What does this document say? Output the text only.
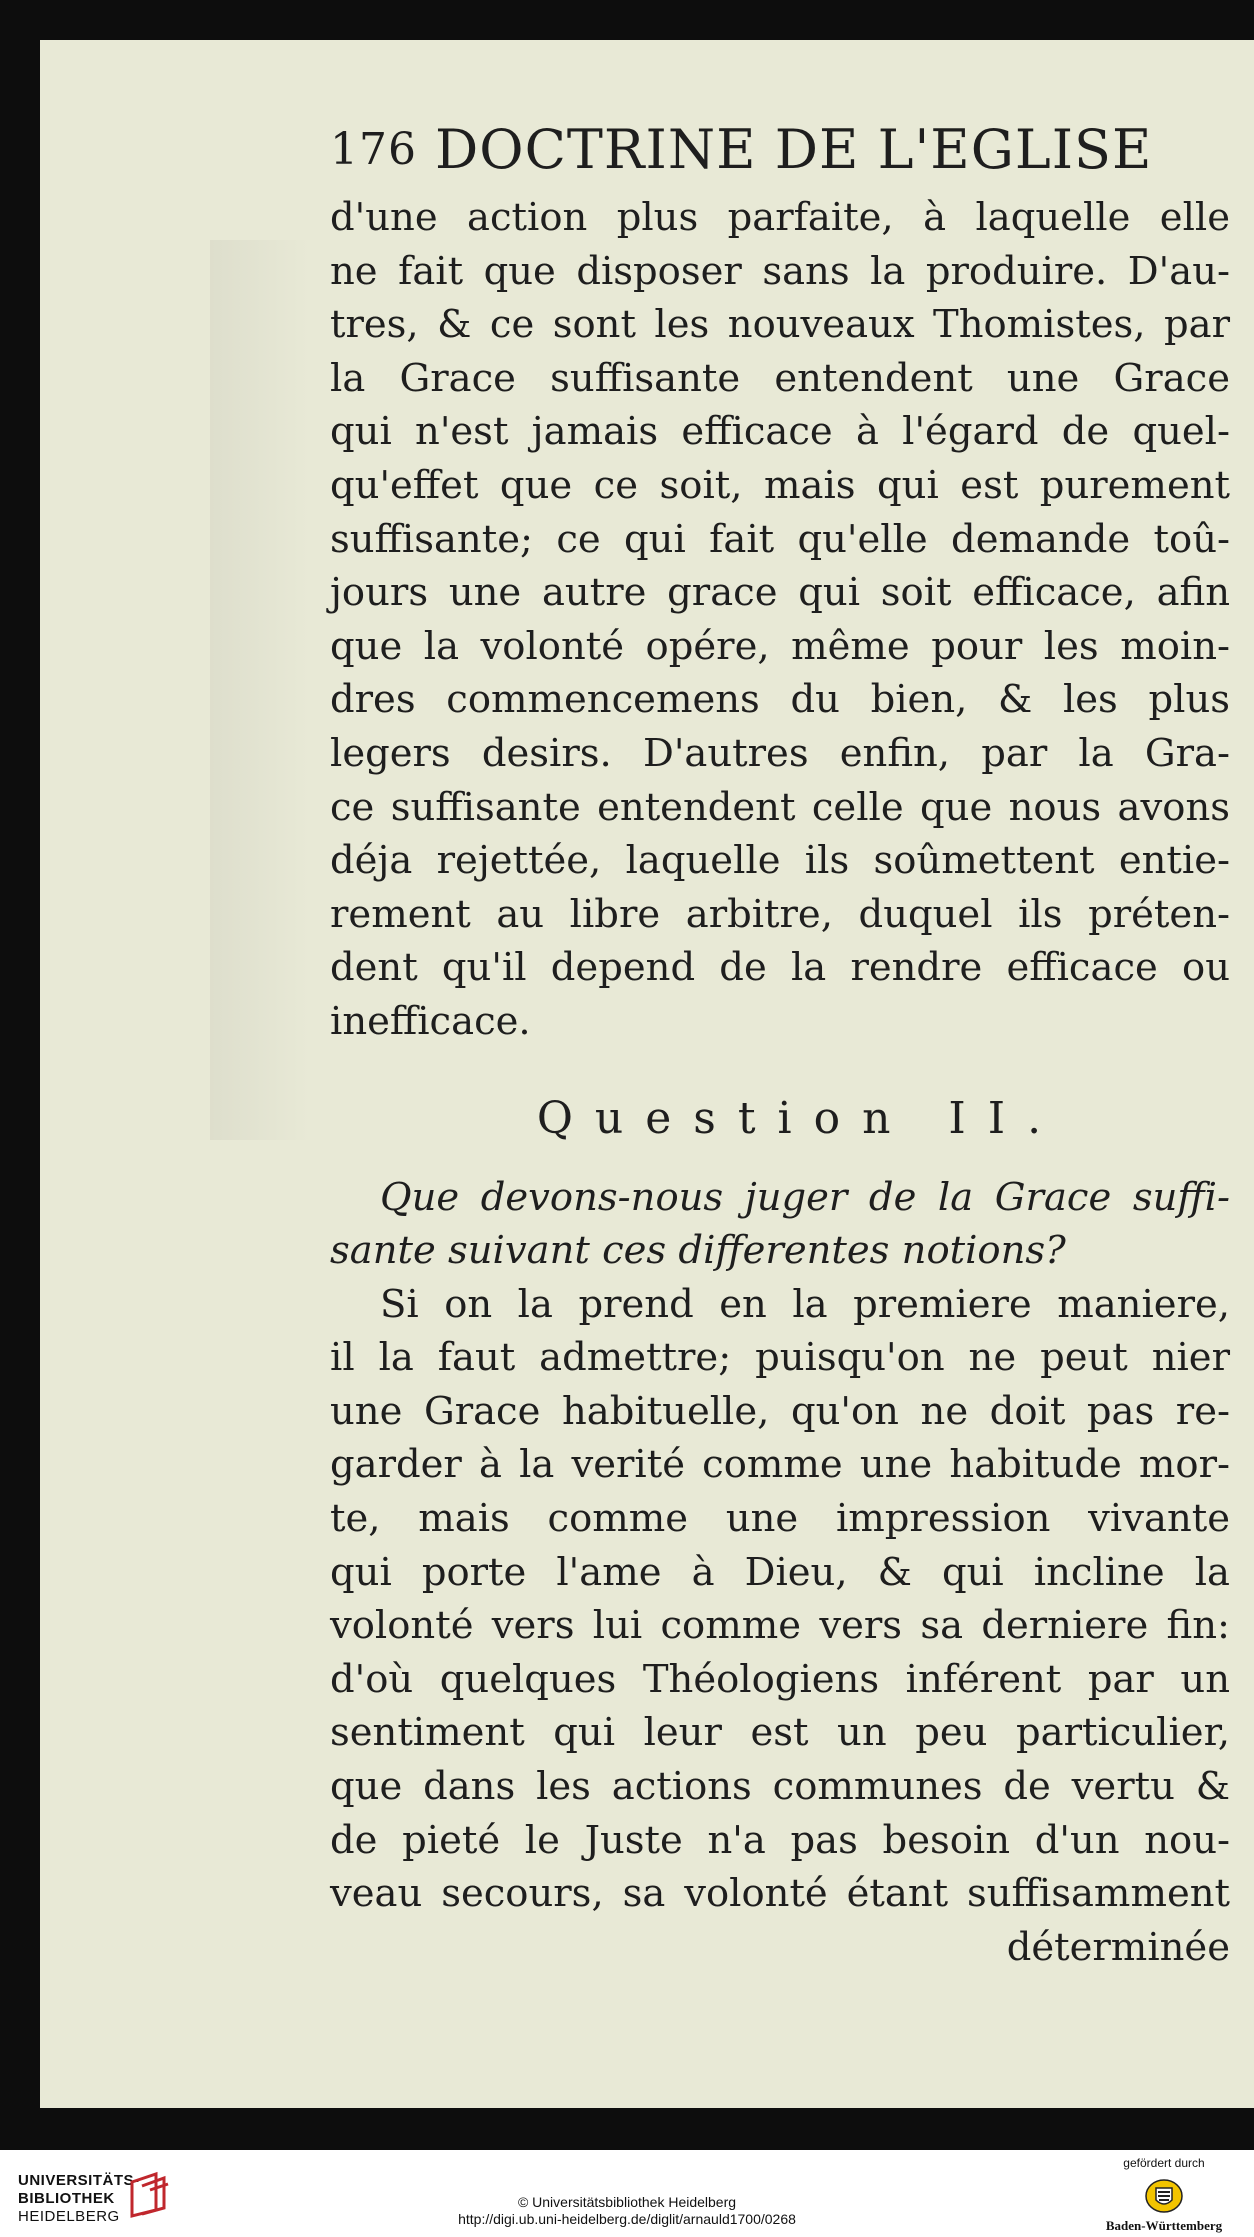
176 DOCTRINE DE L'EGLISE
d'une action plus parfaite, à laquelle elle
ne fait que disposer sans la produire. D'au-
tres, & ce sont les nouveaux Thomistes, par
la Grace suffisante entendent une Grace
qui n'est jamais efficace à l'égard de quel-
qu'effet que ce soit, mais qui est purement
suffisante; ce qui fait qu'elle demande toû-
jours une autre grace qui soit efficace, afin
que la volonté opére, même pour les moin-
dres commencemens du bien, & les plus
legers desirs. D'autres enfin, par la Gra-
ce suffisante entendent celle que nous avons
déja rejettée, laquelle ils soûmettent entie-
rement au libre arbitre, duquel ils préten-
dent qu'il depend de la rendre efficace ou
inefficace.
Question II.
Que devons-nous juger de la Grace suffi-
sante suivant ces differentes notions?
Si on la prend en la premiere maniere,
il la faut admettre; puisqu'on ne peut nier
une Grace habituelle, qu'on ne doit pas re-
garder à la verité comme une habitude mor-
te, mais comme une impression vivante
qui porte l'ame à Dieu, & qui incline la
volonté vers lui comme vers sa derniere fin:
d'où quelques Théologiens inférent par un
sentiment qui leur est un peu particulier,
que dans les actions communes de vertu &
de pieté le Juste n'a pas besoin d'un nou-
veau secours, sa volonté étant suffisamment
déterminée
UNIVERSITÄTS-
BIBLIOTHEK
HEIDELBERG
© Universitätsbibliothek Heidelberg
http://digi.ub.uni-heidelberg.de/diglit/arnauld1700/0268
gefördert durch
Baden-Württemberg
